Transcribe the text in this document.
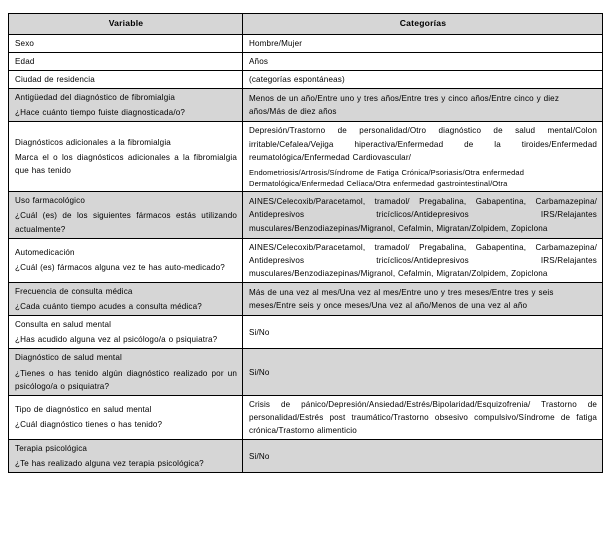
Variable	Categorías

Sexo	Hombre/Mujer

Edad	Años

Ciudad de residencia	(categorías espontáneas)

Antigüedad del diagnóstico de fibromialgia
¿Hace cuánto tiempo fuiste diagnosticada/o?	Menos de un año/Entre uno y tres años/Entre tres y cinco años/Entre cinco y diez años/Más de diez años

Diagnósticos adicionales a la fibromialgia
Marca el o los diagnósticos adicionales a la fibromialgia que has tenido	Depresión/Trastorno de personalidad/Otro diagnóstico de salud mental/Colon irritable/Cefalea/Vejiga hiperactiva/Enfermedad de la tiroides/Enfermedad reumatológica/Enfermedad Cardiovascular/
Endometriosis/Artrosis/Síndrome de Fatiga Crónica/Psoriasis/Otra enfermedad Dermatológica/Enfermedad Celíaca/Otra enfermedad gastrointestinal/Otra

Uso farmacológico
¿Cuál (es) de los siguientes fármacos estás utilizando actualmente?	AINES/Celecoxib/Paracetamol, tramadol/ Pregabalina, Gabapentina, Carbamazepina/ Antidepresivos tricíclicos/Antidepresivos IRS/Relajantes musculares/Benzodiazepinas/Migranol, Cefalmin, Migratan/Zolpidem, Zopiclona

Automedicación
¿Cuál (es) fármacos alguna vez te has auto-medicado?	AINES/Celecoxib/Paracetamol, tramadol/ Pregabalina, Gabapentina, Carbamazepina/ Antidepresivos tricíclicos/Antidepresivos IRS/Relajantes musculares/Benzodiazepinas/Migranol, Cefalmin, Migratan/Zolpidem, Zopiclona

Frecuencia de consulta médica
¿Cada cuánto tiempo acudes a consulta médica?	Más de una vez al mes/Una vez al mes/Entre uno y tres meses/Entre tres y seis meses/Entre seis y once meses/Una vez al año/Menos de una vez al año

Consulta en salud mental
¿Has acudido alguna vez al psicólogo/a o psiquiatra?	Si/No

Diagnóstico de salud mental
¿Tienes o has tenido algún diagnóstico realizado por un psicólogo/a o psiquiatra?	Si/No

Tipo de diagnóstico en salud mental
¿Cuál diagnóstico tienes o has tenido?	Crisis de pánico/Depresión/Ansiedad/Estrés/Bipolaridad/Esquizofrenia/ Trastorno de personalidad/Estrés post traumático/Trastorno obsesivo compulsivo/Síndrome de fatiga crónica/Trastorno alimenticio

Terapia psicológica
¿Te has realizado alguna vez terapia psicológica?	Si/No
